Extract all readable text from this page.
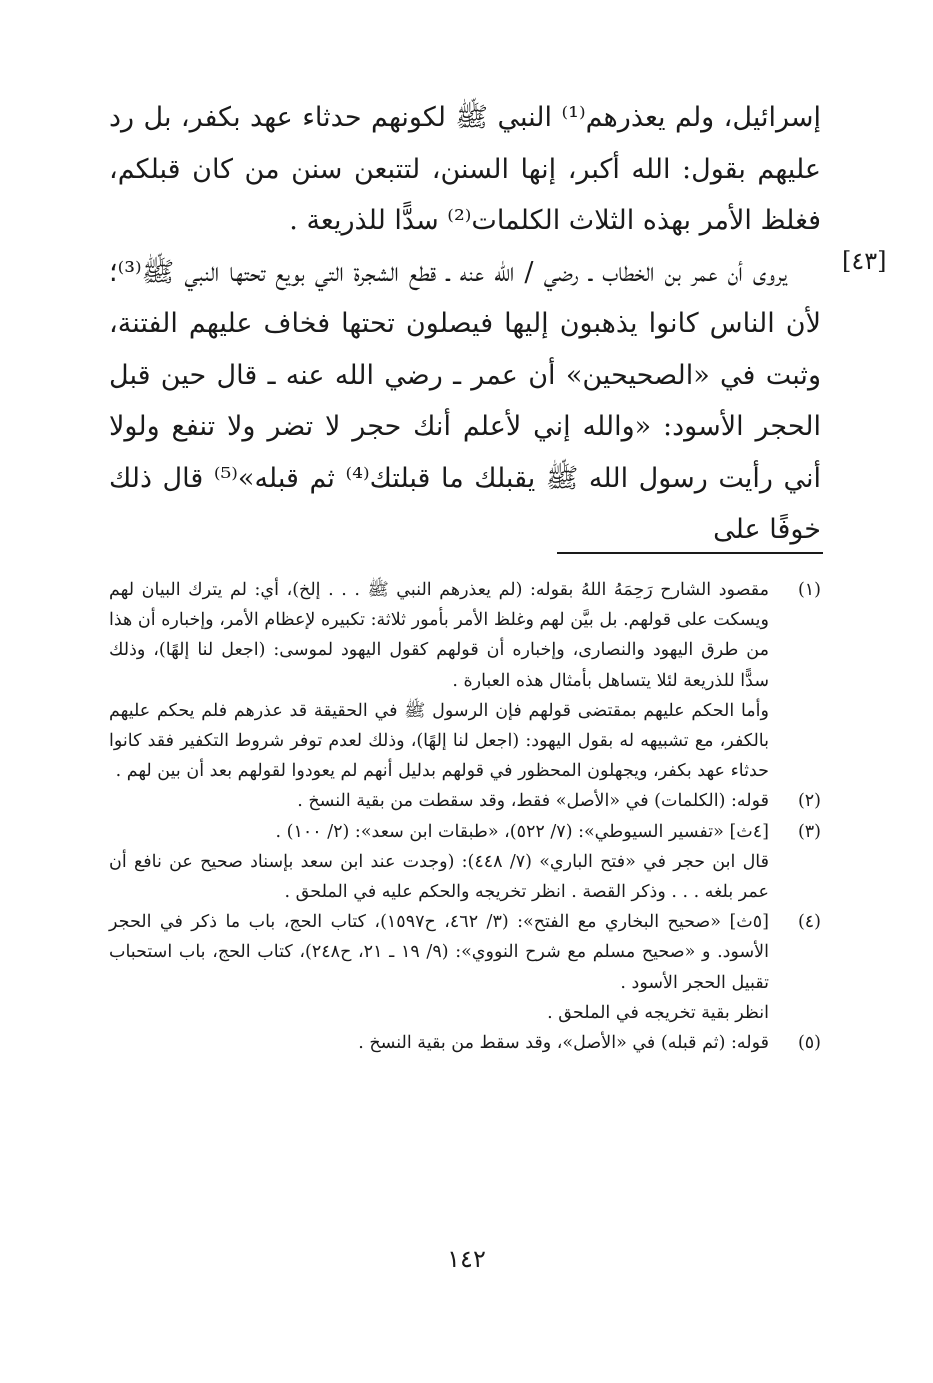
إسرائيل، ولم يعذرهم⁽¹⁾ النبي ﷺ لكونهم حدثاء عهد بكفر، بل رد عليهم بقول: الله أكبر، إنها السنن، لتتبعن سنن من كان قبلكم، فغلظ الأمر بهذه الثلاث الكلمات⁽²⁾ سدًّا للذريعة .

يروى أن عمر بن الخطاب ـ رضي / الله عنه ـ قطع الشجرة التي بويع تحتها النبي ﷺ⁽³⁾؛ لأن الناس كانوا يذهبون إليها فيصلون تحتها فخاف عليهم الفتنة، وثبت في «الصحيحين» أن عمر ـ رضي الله عنه ـ قال حين قبل الحجر الأسود: «والله إني لأعلم أنك حجر لا تضر ولا تنفع ولولا أني رأيت رسول الله ﷺ يقبلك ما قبلتك⁽⁴⁾ ثم قبله»⁽⁵⁾ قال ذلك خوفًا على

[٤٣]
(١)

مقصود الشارح رَحِمَهُ اللهُ بقوله: (لم يعذرهم النبي ﷺ . . . إلخ)، أي: لم يترك البيان لهم ويسكت على قولهم. بل بيَّن لهم وغلظ الأمر بأمور ثلاثة: تكبيره لإعظام الأمر، وإخباره أن هذا من طرق اليهود والنصارى، وإخباره أن قولهم كقول اليهود لموسى: (اجعل لنا إلهًا)، وذلك سدًّا للذريعة لئلا يتساهل بأمثال هذه العبارة .

وأما الحكم عليهم بمقتضى قولهم فإن الرسول ﷺ في الحقيقة قد عذرهم فلم يحكم عليهم بالكفر، مع تشبيهه له بقول اليهود: (اجعل لنا إلهًا)، وذلك لعدم توفر شروط التكفير فقد كانوا حدثاء عهد بكفر، ويجهلون المحظور في قولهم بدليل أنهم لم يعودوا لقولهم بعد أن بين لهم .

(٢)

قوله: (الكلمات) في «الأصل» فقط، وقد سقطت من بقية النسخ .

(٣)

[٤ث] «تفسير السيوطي»: (٧/ ٥٢٢)، «طبقات ابن سعد»: (٢/ ١٠٠) .

قال ابن حجر في «فتح الباري» (٧/ ٤٤٨): (وجدت عند ابن سعد بإسناد صحيح عن نافع أن عمر بلغه . . . وذكر القصة . انظر تخريجه والحكم عليه في الملحق .

(٤)

[٥ث] «صحيح البخاري مع الفتح»: (٣/ ٤٦٢، ح١٥٩٧)، كتاب الحج، باب ما ذكر في الحجر الأسود. و «صحيح مسلم مع شرح النووي»: (٩/ ١٩ ـ ٢١، ح٢٤٨)، كتاب الحج، باب استحباب تقبيل الحجر الأسود .

انظر بقية تخريجه في الملحق .

(٥)

قوله: (ثم قبله) في «الأصل»، وقد سقط من بقية النسخ .

١٤٢
